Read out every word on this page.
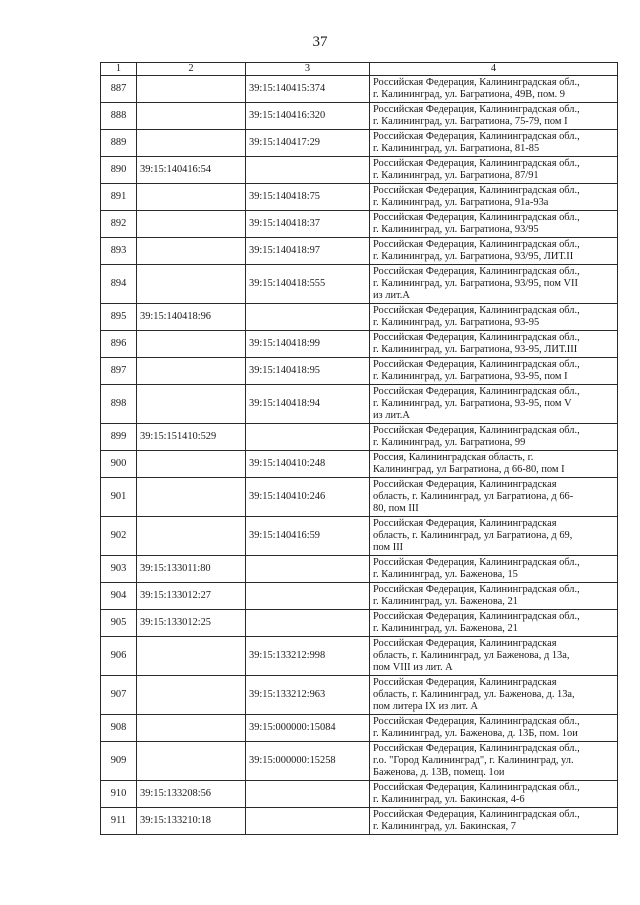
37
1	2	3	4
887		39:15:140415:374	Российская Федерация, Калининградская обл.,
г. Калининград, ул. Багратиона, 49В, пом. 9

888		39:15:140416:320	Российская Федерация, Калининградская обл.,
г. Калининград, ул. Багратиона, 75-79, пом I

889		39:15:140417:29	Российская Федерация, Калининградская обл.,
г. Калининград, ул. Багратиона, 81-85

890	39:15:140416:54		Российская Федерация, Калининградская обл.,
г. Калининград, ул. Багратиона, 87/91

891		39:15:140418:75	Российская Федерация, Калининградская обл.,
г. Калининград, ул. Багратиона, 91а-93а

892		39:15:140418:37	Российская Федерация, Калининградская обл.,
г. Калининград, ул. Багратиона, 93/95

893		39:15:140418:97	Российская Федерация, Калининградская обл.,
г. Калининград, ул. Багратиона, 93/95, ЛИТ.II

894		39:15:140418:555	Российская Федерация, Калининградская обл.,
г. Калининград, ул. Багратиона, 93/95, пом VII
из лит.А

895	39:15:140418:96		Российская Федерация, Калининградская обл.,
г. Калининград, ул. Багратиона, 93-95

896		39:15:140418:99	Российская Федерация, Калининградская обл.,
г. Калининград, ул. Багратиона, 93-95, ЛИТ.III

897		39:15:140418:95	Российская Федерация, Калининградская обл.,
г. Калининград, ул. Багратиона, 93-95, пом I

898		39:15:140418:94	Российская Федерация, Калининградская обл.,
г. Калининград, ул. Багратиона, 93-95, пом V
из лит.А

899	39:15:151410:529		Российская Федерация, Калининградская обл.,
г. Калининград, ул. Багратиона, 99

900		39:15:140410:248	Россия, Калининградская область, г.
Калининград, ул Багратиона, д 66-80, пом I

901		39:15:140410:246	Российская Федерация, Калининградская
область, г. Калининград, ул Багратиона, д 66-
80, пом III

902		39:15:140416:59	Российская Федерация, Калининградская
область, г. Калининград, ул Багратиона, д 69,
пом III

903	39:15:133011:80		Российская Федерация, Калининградская обл.,
г. Калининград, ул. Баженова, 15

904	39:15:133012:27		Российская Федерация, Калининградская обл.,
г. Калининград, ул. Баженова, 21

905	39:15:133012:25		Российская Федерация, Калининградская обл.,
г. Калининград, ул. Баженова, 21

906		39:15:133212:998	Российская Федерация, Калининградская
область, г. Калининград, ул Баженова, д 13а,
пом VIII из лит. А

907		39:15:133212:963	Российская Федерация, Калининградская
область, г. Калининград, ул. Баженова, д. 13а,
пом литера IX из лит. А

908		39:15:000000:15084	Российская Федерация, Калининградская обл.,
г. Калининград, ул. Баженова, д. 13Б, пом. 1ои

909		39:15:000000:15258	Российская Федерация, Калининградская обл.,
г.о. "Город Калининград", г. Калининград, ул.
Баженова, д. 13В, помещ. 1ои

910	39:15:133208:56		Российская Федерация, Калининградская обл.,
г. Калининград, ул. Бакинская, 4-6

911	39:15:133210:18		Российская Федерация, Калининградская обл.,
г. Калининград, ул. Бакинская, 7
